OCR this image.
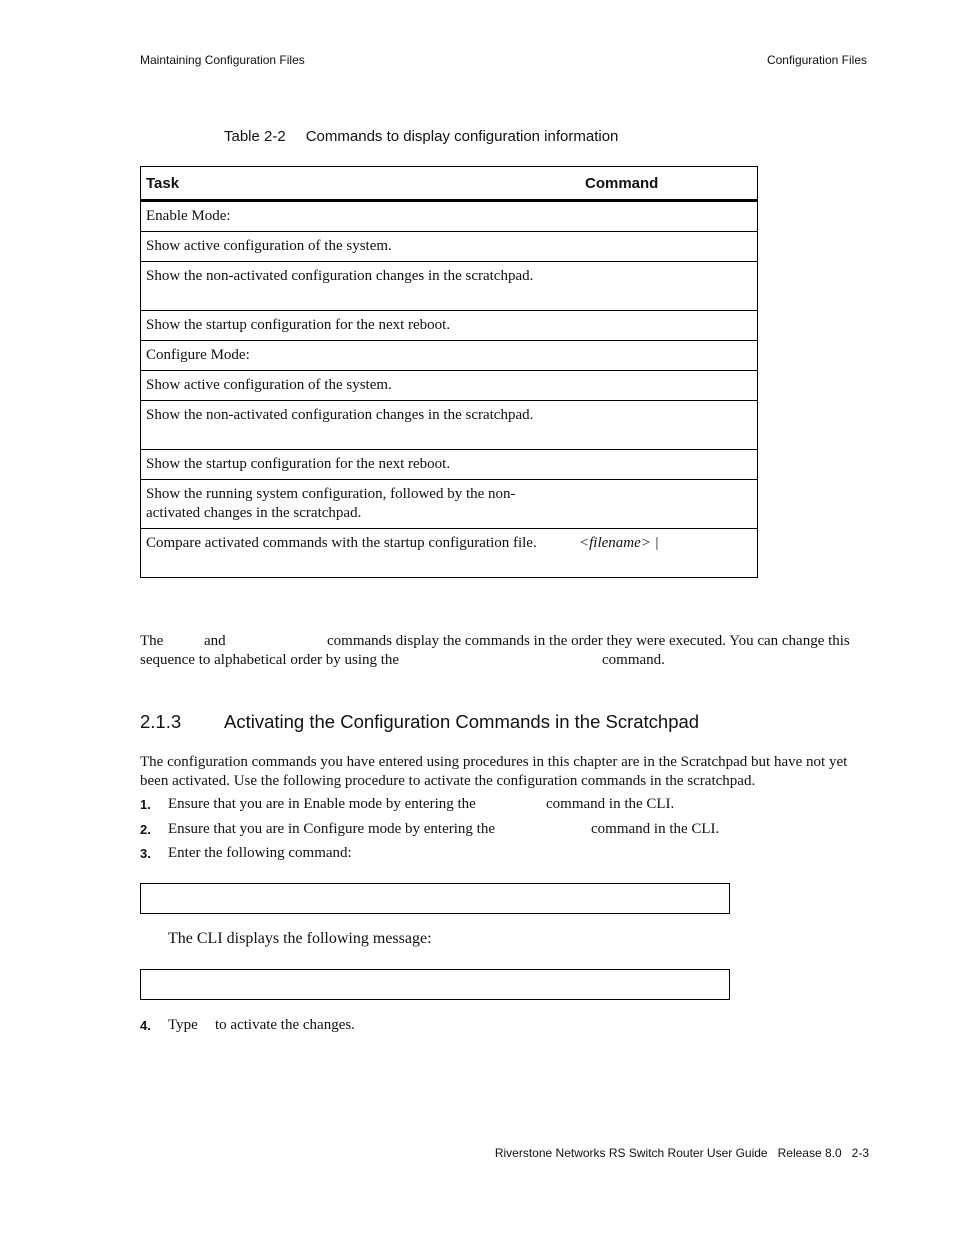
Maintaining Configuration Files	Configuration Files
Table 2-2 Commands to display configuration information
Task	Command
Enable Mode:	
Show active configuration of the system.	
Show the non-activated configuration changes in the scratchpad.	
Show the startup configuration for the next reboot.	
Configure Mode:	
Show active configuration of the system.	
Show the non-activated configuration changes in the scratchpad.	
Show the startup configuration for the next reboot.	
Show the running system configuration, followed by the non-activated changes in the scratchpad.	
Compare activated commands with the startup configuration file.	<filename> |
The	and	commands display the commands in the order they were executed. You can change this
sequence to alphabetical order by using the	command.
2.1.3 Activating the Configuration Commands in the Scratchpad
The configuration commands you have entered using procedures in this chapter are in the Scratchpad but have not yet been activated. Use the following procedure to activate the configuration commands in the scratchpad.
1. Ensure that you are in Enable mode by entering the	command in the CLI.
2. Ensure that you are in Configure mode by entering the	command in the CLI.
3. Enter the following command:
The CLI displays the following message:
4. Type to activate the changes.
Riverstone Networks RS Switch Router User Guide   Release 8.0   2-3
